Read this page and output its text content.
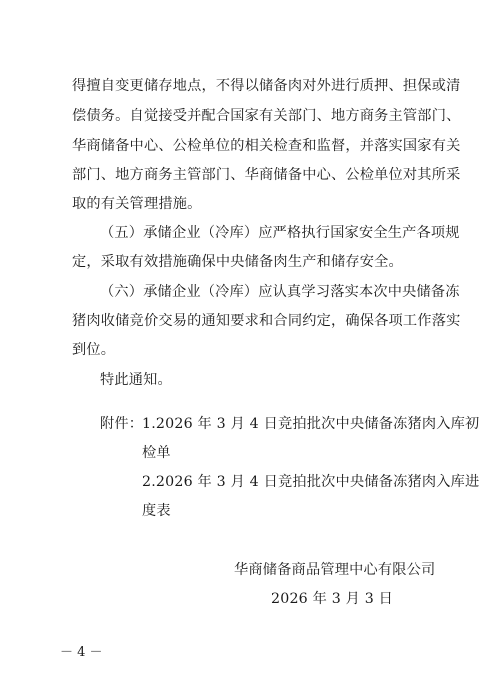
得擅自变更储存地点，不得以储备肉对外进行质押、担保或清
偿债务。自觉接受并配合国家有关部门、地方商务主管部门、
华商储备中心、公检单位的相关检查和监督，并落实国家有关
部门、地方商务主管部门、华商储备中心、公检单位对其所采
取的有关管理措施。
（五）承储企业（冷库）应严格执行国家安全生产各项规
定，采取有效措施确保中央储备肉生产和储存安全。
（六）承储企业（冷库）应认真学习落实本次中央储备冻
猪肉收储竞价交易的通知要求和合同约定，确保各项工作落实
到位。
特此通知。
附件：
1.2026 年 3 月 4 日竞拍批次中央储备冻猪肉入库初
检单
2.2026 年 3 月 4 日竞拍批次中央储备冻猪肉入库进
度表
华商储备商品管理中心有限公司
2026 年 3 月 3 日
－ 4 －
